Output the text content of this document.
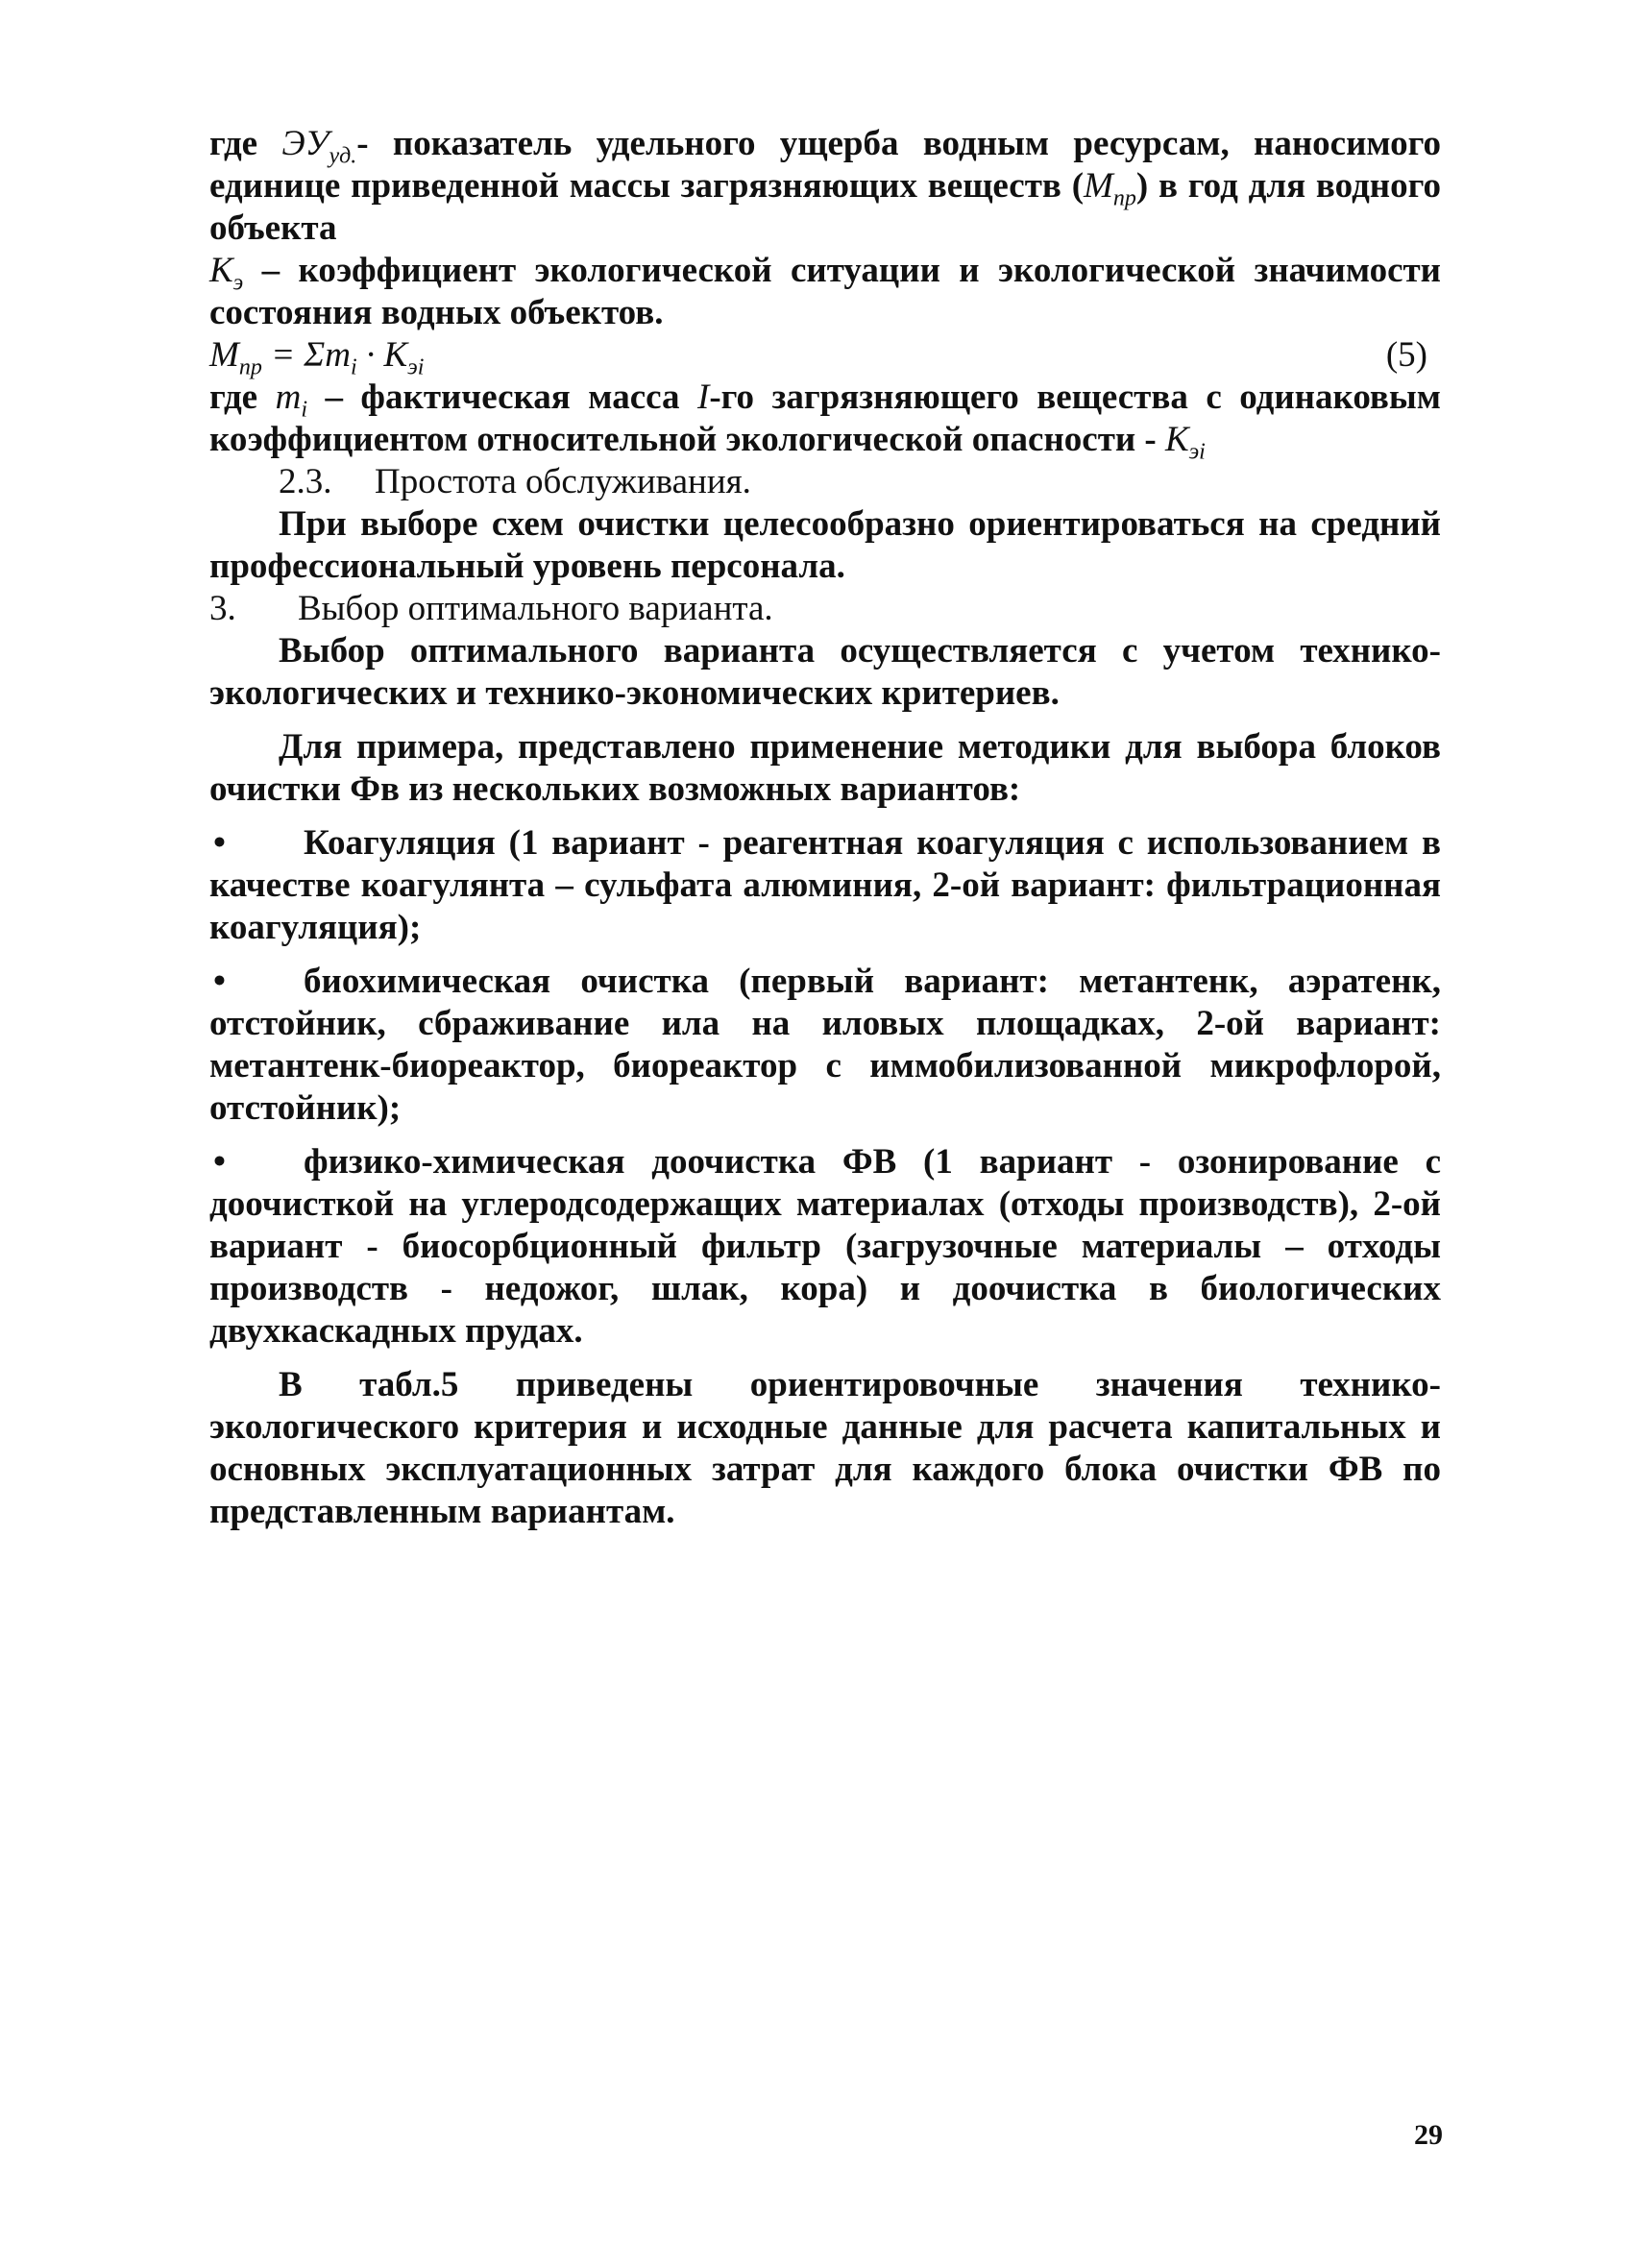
где $ЭУ_{уд.}-$ показатель удельного ущерба водным ресурсам, наносимого единице приведенной массы загрязняющих веществ $(М_{пр})$ в год для водного объекта

$К_э$ – коэффициент экологической ситуации и экологической значимости состояния водных объектов.

$M_{пр} = \Sigma m_i \cdot K_{эi}$	(5)

где $m_i$ – фактическая масса I-го загрязняющего вещества с одинаковым коэффициентом относительной экологической опасности - $К_{эi}$

2.3.	Простота обслуживания.

При выборе схем очистки целесообразно ориентироваться на средний профессиональный уровень персонала.

3.	Выбор оптимального варианта.

Выбор оптимального варианта осуществляется с учетом технико-экологических и технико-экономических критериев.

Для примера, представлено применение методики для выбора блоков очистки Фв из нескольких возможных вариантов:

•	Коагуляция (1 вариант - реагентная коагуляция с использованием в качестве коагулянта – сульфата алюминия, 2-ой вариант: фильтрационная коагуляция);

•	биохимическая очистка (первый вариант: метантенк, аэратенк, отстойник, сбраживание ила на иловых площадках, 2-ой вариант: метантенк-биореактор, биореактор с иммобилизованной микрофлорой, отстойник);

•	физико-химическая доочистка ФВ (1 вариант - озонирование с доочисткой на углеродсодержащих материалах (отходы производств), 2-ой вариант - биосорбционный фильтр (загрузочные материалы – отходы производств - недожог, шлак, кора) и доочистка в биологических двухкаскадных прудах.

В табл.5 приведены ориентировочные значения технико-экологического критерия и исходные данные для расчета капитальных и основных эксплуатационных затрат для каждого блока очистки ФВ по представленным вариантам.

29
